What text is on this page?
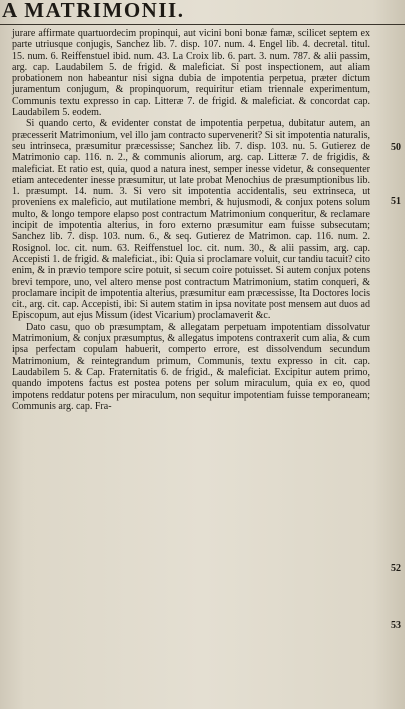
A MATRIMONII.

jurare affirmate quartuordecim propinqui, aut vicini boni bonæ famæ, scilicet septem ex parte utriusque conjugis, Sanchez lib. 7. disp. 107. num. 4. Engel lib. 4. decretal. titul. 15. num. 6. Reiffenstuel ibid. num. 43. La Croix lib. 6. part. 3. num. 787. & alii passim, arg. cap. Laudabilem 5. de frigid. & maleficiat. Si post inspectionem, aut aliam probationem non habeantur nisi signa dubia de impotentia perpetua, præter dictum juramentum conjugum, & propinquorum, requiritur etiam triennale experimentum, Communis textu expresso in cap. Litteræ 7. de frigid. & maleficiat. & concordat cap. Laudabilem 5. eodem.

Si quando certo, & evidenter constat de impotentia perpetua, dubitatur autem, an præcesserit Matrimonium, vel illo jam contracto supervenerit? Si sit impotentia naturalis, seu intrinseca, præsumitur præcessisse; Sanchez lib. 7. disp. 103. nu. 5. Gutierez de Matrimonio cap. 116. n. 2., & communis aliorum, arg. cap. Litteræ 7. de frigidis, & maleficiat. Et ratio est, quia, quod a natura inest, semper inesse videtur, & consequenter etiam antecedenter inesse præsumitur, ut late probat Menochius de præsumptionibus lib. 1. præsumpt. 14. num. 3. Si vero sit impotentia accidentalis, seu extrinseca, ut proveniens ex maleficio, aut mutilatione membri, & hujusmodi, & conjux potens solum multo, & longo tempore elapso post contractum Matrimonium conqueritur, & reclamare incipit de impotentia alterius, in foro externo præsumitur eam fuisse subsecutam; Sanchez lib. 7. disp. 103. num. 6., & seq. Gutierez de Matrimon. cap. 116. num. 2. Rosignol. loc. cit. num. 63. Reiffenstuel loc. cit. num. 30., & alii passim, arg. cap. Accepisti 1. de frigid. & maleficiat., ibi: Quia si proclamare voluit, cur tandiu tacuit? cito enim, & in prævio tempore scire potuit, si secum coire potuisset. Si autem conjux potens brevi tempore, uno, vel altero mense post contractum Matrimonium, statim conqueri, & proclamare incipit de impotentia alterius, præsumitur eam præcessisse, Ita Doctores locis cit., arg. cit. cap. Accepisti, ibi: Si autem statim in ipsa novitate post mensem aut duos ad Episcopum, aut ejus Missum (idest Vicarium) proclamaverit &c.

Dato casu, quo ob præsumptam, & allegatam perpetuam impotentiam dissolvatur Matrimonium, & conjux præsumptus, & allegatus impotens contraxerit cum alia, & cum ipsa perfectam copulam habuerit, comperto errore, est dissolvendum secundum Matrimonium, & reintegrandum primum, Communis, textu expresso in cit. cap. Laudabilem 5. & Cap. Fraternitatis 6. de frigid., & maleficiat. Excipitur autem primo, quando impotens factus est postea potens per solum miraculum, quia ex eo, quod impotens reddatur potens per miraculum, non sequitur impotentiam fuisse temporaneam; Communis arg. cap. Fra-

50
51
52
53
